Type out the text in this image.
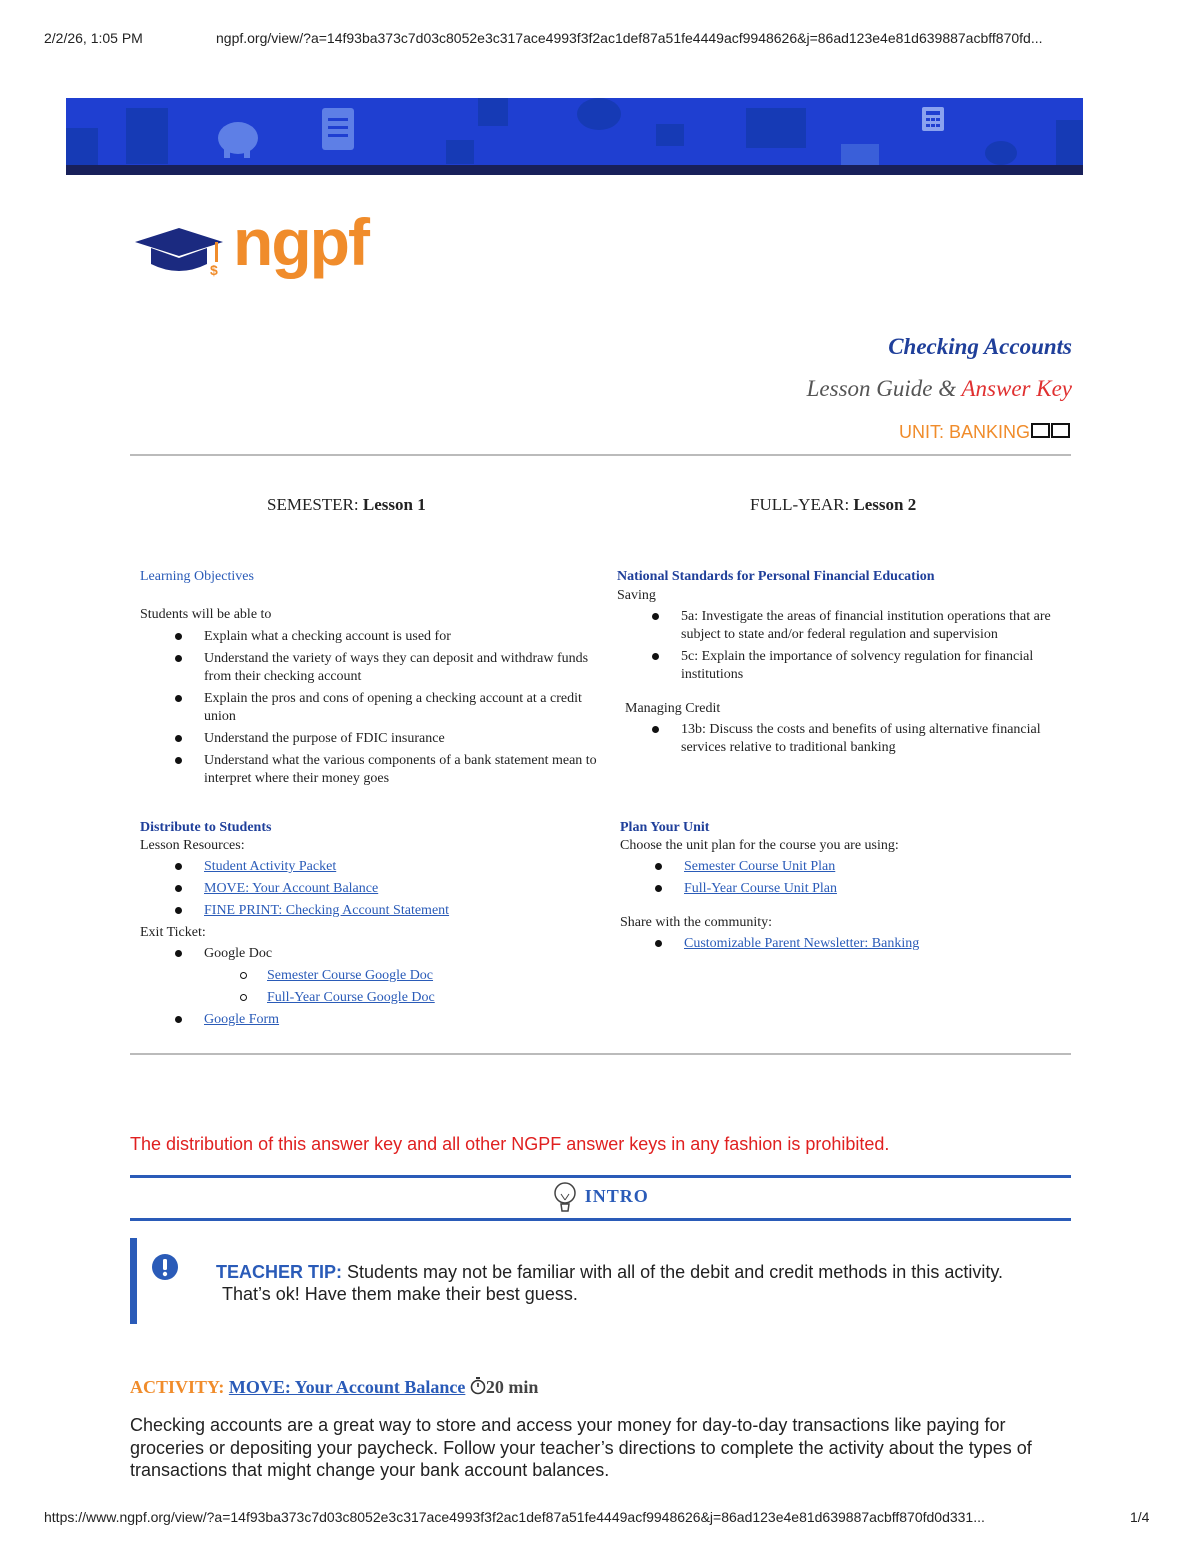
2/2/26, 1:05 PM	ngpf.org/view/?a=14f93ba373c7d03c8052e3c317ace4993f3f2ac1def87a51fe4449acf9948626&j=86ad123e4e81d639887acbff870fd...
$ ngpf
Checking Accounts
Lesson Guide & Answer Key
UNIT: BANKING
SEMESTER: Lesson 1	FULL-YEAR: Lesson 2
Learning Objectives
Students will be able to
Explain what a checking account is used for
Understand the variety of ways they can deposit and withdraw funds from their checking account
Explain the pros and cons of opening a checking account at a credit union
Understand the purpose of FDIC insurance
Understand what the various components of a bank statement mean to interpret where their money goes
National Standards for Personal Financial Education
Saving
5a: Investigate the areas of financial institution operations that are subject to state and/or federal regulation and supervision
5c: Explain the importance of solvency regulation for financial institutions
Managing Credit
13b: Discuss the costs and benefits of using alternative financial services relative to traditional banking
Distribute to Students
Lesson Resources:
Student Activity Packet
MOVE: Your Account Balance
FINE PRINT: Checking Account Statement
Exit Ticket:
Google Doc
Semester Course Google Doc
Full-Year Course Google Doc
Google Form
Plan Your Unit
Choose the unit plan for the course you are using:
Semester Course Unit Plan
Full-Year Course Unit Plan
Share with the community:
Customizable Parent Newsletter: Banking
The distribution of this answer key and all other NGPF answer keys in any fashion is prohibited.
INTRO
TEACHER TIP: Students may not be familiar with all of the debit and credit methods in this activity.
That’s ok! Have them make their best guess.
ACTIVITY: MOVE: Your Account Balance 20 min
Checking accounts are a great way to store and access your money for day-to-day transactions like paying for groceries or depositing your paycheck. Follow your teacher’s directions to complete the activity about the types of transactions that might change your bank account balances.
https://www.ngpf.org/view/?a=14f93ba373c7d03c8052e3c317ace4993f3f2ac1def87a51fe4449acf9948626&j=86ad123e4e81d639887acbff870fd0d331...	1/4
